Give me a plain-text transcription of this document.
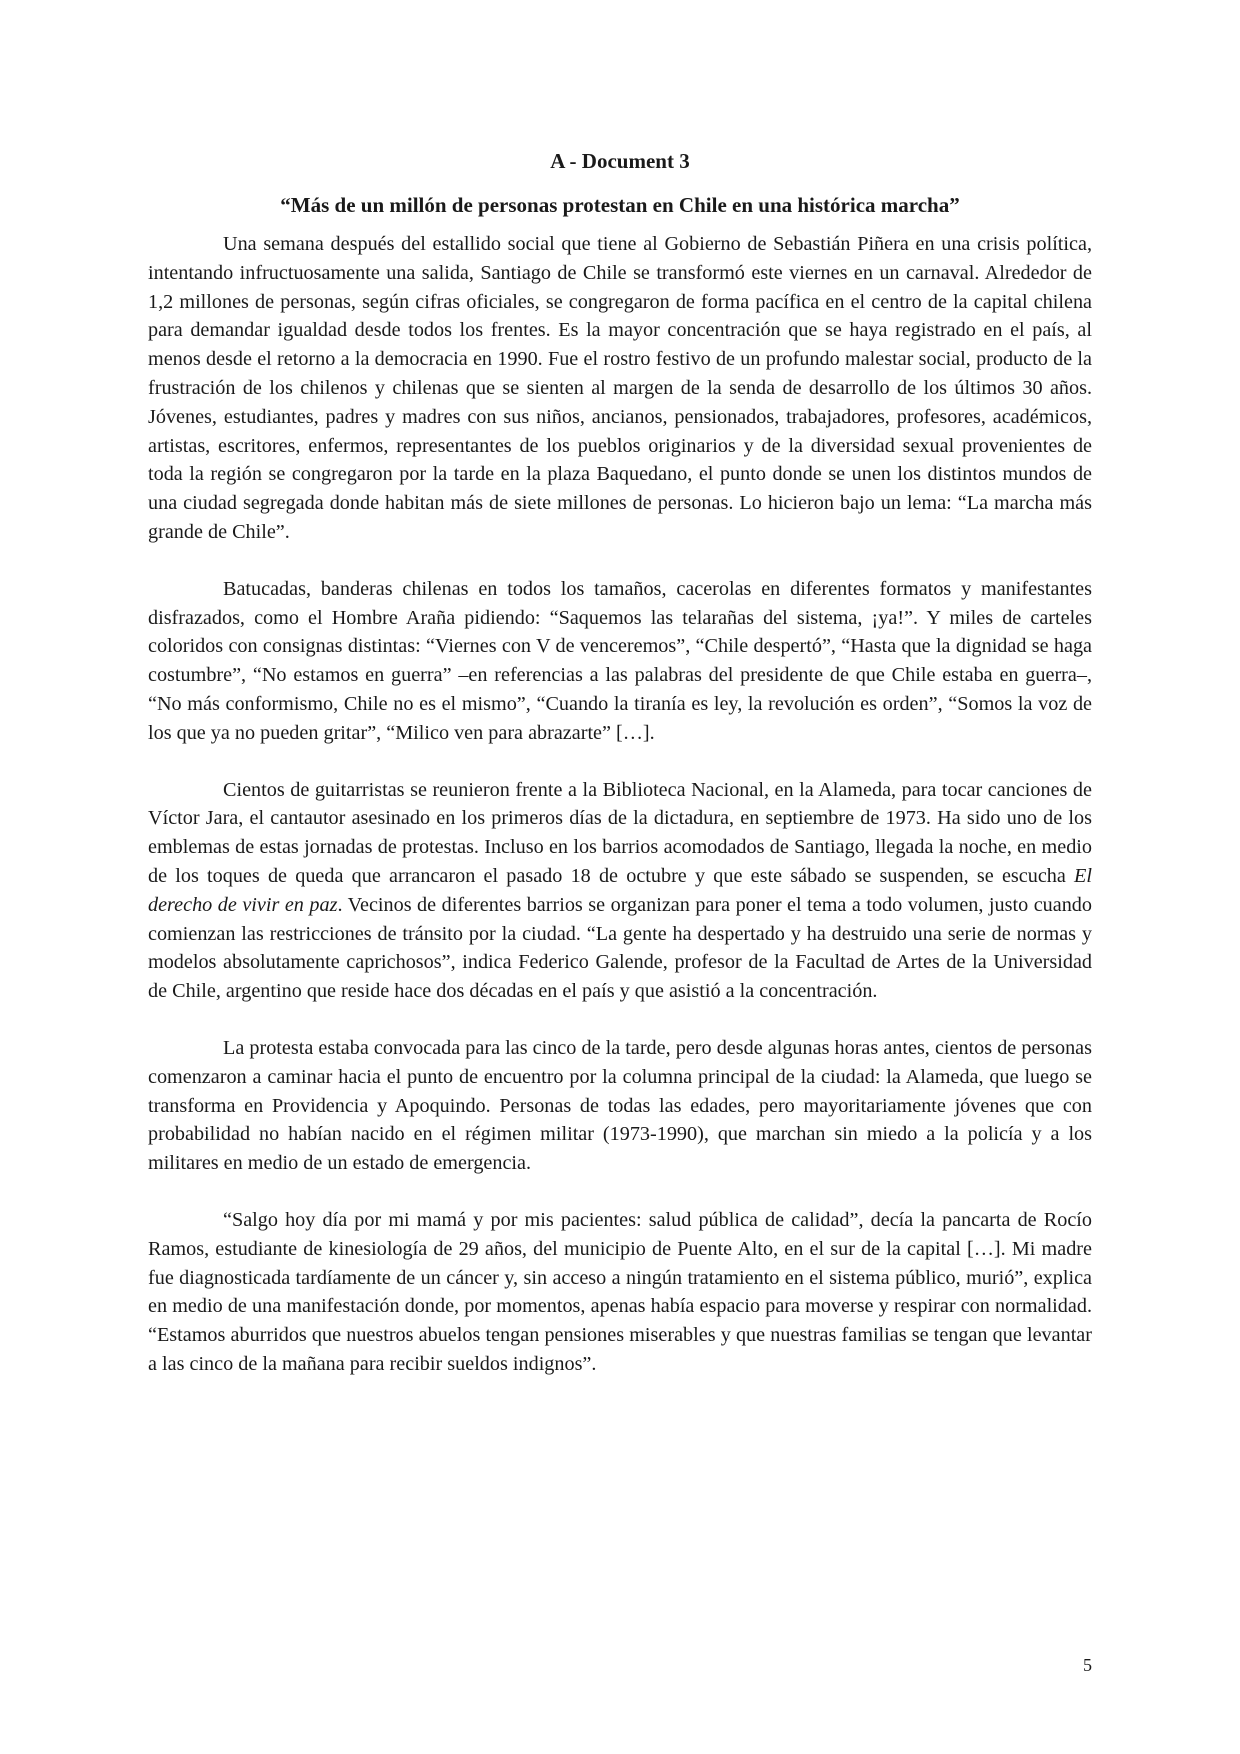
A - Document 3
“Más de un millón de personas protestan en Chile en una histórica marcha”

Una semana después del estallido social que tiene al Gobierno de Sebastián Piñera en una crisis política, intentando infructuosamente una salida, Santiago de Chile se transformó este viernes en un carnaval. Alrededor de 1,2 millones de personas, según cifras oficiales, se congregaron de forma pacífica en el centro de la capital chilena para demandar igualdad desde todos los frentes. Es la mayor concentración que se haya registrado en el país, al menos desde el retorno a la democracia en 1990. Fue el rostro festivo de un profundo malestar social, producto de la frustración de los chilenos y chilenas que se sienten al margen de la senda de desarrollo de los últimos 30 años. Jóvenes, estudiantes, padres y madres con sus niños, ancianos, pensionados, trabajadores, profesores, académicos, artistas, escritores, enfermos, representantes de los pueblos originarios y de la diversidad sexual provenientes de toda la región se congregaron por la tarde en la plaza Baquedano, el punto donde se unen los distintos mundos de una ciudad segregada donde habitan más de siete millones de personas. Lo hicieron bajo un lema: “La marcha más grande de Chile”.

Batucadas, banderas chilenas en todos los tamaños, cacerolas en diferentes formatos y manifestantes disfrazados, como el Hombre Araña pidiendo: “Saquemos las telarañas del sistema, ¡ya!”. Y miles de carteles coloridos con consignas distintas: “Viernes con V de venceremos”, “Chile despertó”, “Hasta que la dignidad se haga costumbre”, “No estamos en guerra” –en referencias a las palabras del presidente de que Chile estaba en guerra–, “No más conformismo, Chile no es el mismo”, “Cuando la tiranía es ley, la revolución es orden”, “Somos la voz de los que ya no pueden gritar”, “Milico ven para abrazarte” […].

Cientos de guitarristas se reunieron frente a la Biblioteca Nacional, en la Alameda, para tocar canciones de Víctor Jara, el cantautor asesinado en los primeros días de la dictadura, en septiembre de 1973. Ha sido uno de los emblemas de estas jornadas de protestas. Incluso en los barrios acomodados de Santiago, llegada la noche, en medio de los toques de queda que arrancaron el pasado 18 de octubre y que este sábado se suspenden, se escucha El derecho de vivir en paz. Vecinos de diferentes barrios se organizan para poner el tema a todo volumen, justo cuando comienzan las restricciones de tránsito por la ciudad. “La gente ha despertado y ha destruido una serie de normas y modelos absolutamente caprichosos”, indica Federico Galende, profesor de la Facultad de Artes de la Universidad de Chile, argentino que reside hace dos décadas en el país y que asistió a la concentración.

La protesta estaba convocada para las cinco de la tarde, pero desde algunas horas antes, cientos de personas comenzaron a caminar hacia el punto de encuentro por la columna principal de la ciudad: la Alameda, que luego se transforma en Providencia y Apoquindo. Personas de todas las edades, pero mayoritariamente jóvenes que con probabilidad no habían nacido en el régimen militar (1973-1990), que marchan sin miedo a la policía y a los militares en medio de un estado de emergencia.

“Salgo hoy día por mi mamá y por mis pacientes: salud pública de calidad”, decía la pancarta de Rocío Ramos, estudiante de kinesiología de 29 años, del municipio de Puente Alto, en el sur de la capital […]. Mi madre fue diagnosticada tardíamente de un cáncer y, sin acceso a ningún tratamiento en el sistema público, murió”, explica en medio de una manifestación donde, por momentos, apenas había espacio para moverse y respirar con normalidad. “Estamos aburridos que nuestros abuelos tengan pensiones miserables y que nuestras familias se tengan que levantar a las cinco de la mañana para recibir sueldos indignos”.

5
